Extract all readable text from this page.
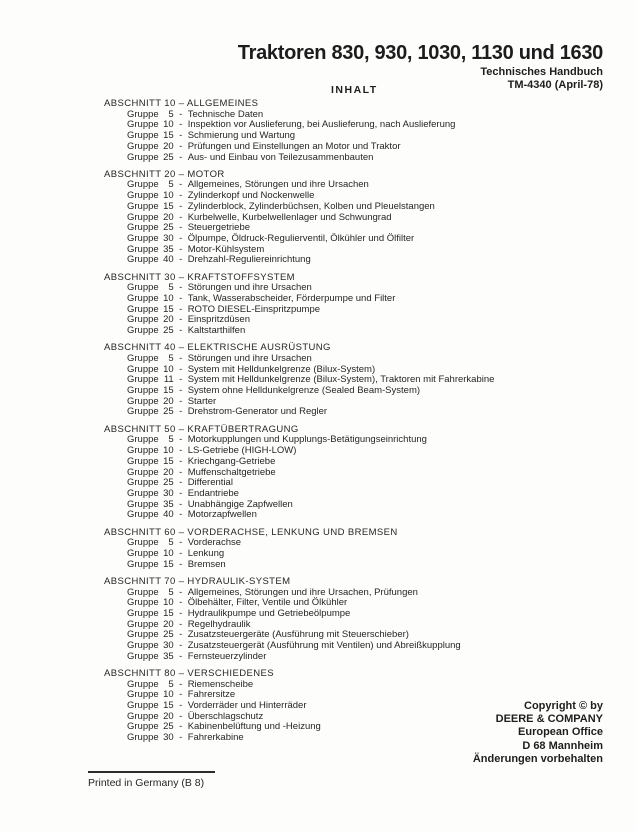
Traktoren 830, 930, 1030, 1130 und 1630
Technisches Handbuch
TM-4340 (April-78)
INHALT
ABSCHNITT 10 – ALLGEMEINES
Gruppe	5 - Technische Daten
Gruppe 10 - Inspektion vor Auslieferung, bei Auslieferung, nach Auslieferung
Gruppe 15 - Schmierung und Wartung
Gruppe 20 - Prüfungen und Einstellungen an Motor und Traktor
Gruppe 25 - Aus- und Einbau von Teilezusammenbauten
ABSCHNITT 20 – MOTOR
Gruppe	5 - Allgemeines, Störungen und ihre Ursachen
Gruppe 10 - Zylinderkopf und Nockenwelle
Gruppe 15 - Zylinderblock, Zylinderbüchsen, Kolben und Pleuelstangen
Gruppe 20 - Kurbelwelle, Kurbelwellenlager und Schwungrad
Gruppe 25 - Steuergetriebe
Gruppe 30 - Ölpumpe, Öldruck-Regulierventil, Ölkühler und Ölfilter
Gruppe 35 - Motor-Kühlsystem
Gruppe 40 - Drehzahl-Reguliereinrichtung
ABSCHNITT 30 – KRAFTSTOFFSYSTEM
Gruppe	5 - Störungen und ihre Ursachen
Gruppe 10 - Tank, Wasserabscheider, Förderpumpe und Filter
Gruppe 15 - ROTO DIESEL-Einspritzpumpe
Gruppe 20 - Einspritzdüsen
Gruppe 25 - Kaltstarthilfen
ABSCHNITT 40 – ELEKTRISCHE AUSRÜSTUNG
Gruppe	5 - Störungen und ihre Ursachen
Gruppe 10 - System mit Helldunkelgrenze (Bilux-System)
Gruppe 11 - System mit Helldunkelgrenze (Bilux-System), Traktoren mit Fahrerkabine
Gruppe 15 - System ohne Helldunkelgrenze (Sealed Beam-System)
Gruppe 20 - Starter
Gruppe 25 - Drehstrom-Generator und Regler
ABSCHNITT 50 – KRAFTÜBERTRAGUNG
Gruppe	5 - Motorkupplungen und Kupplungs-Betätigungseinrichtung
Gruppe 10 - LS-Getriebe (HIGH-LOW)
Gruppe 15 - Kriechgang-Getriebe
Gruppe 20 - Muffenschaltgetriebe
Gruppe 25 - Differential
Gruppe 30 - Endantriebe
Gruppe 35 - Unabhängige Zapfwellen
Gruppe 40 - Motorzapfwellen
ABSCHNITT 60 – VORDERACHSE, LENKUNG UND BREMSEN
Gruppe	5 - Vorderachse
Gruppe 10 - Lenkung
Gruppe 15 - Bremsen
ABSCHNITT 70 – HYDRAULIK-SYSTEM
Gruppe	5 - Allgemeines, Störungen und ihre Ursachen, Prüfungen
Gruppe 10 - Ölbehälter, Filter, Ventile und Ölkühler
Gruppe 15 - Hydraulikpumpe und Getriebeölpumpe
Gruppe 20 - Regelhydraulik
Gruppe 25 - Zusatzsteuergeräte (Ausführung mit Steuerschieber)
Gruppe 30 - Zusatzsteuergerät (Ausführung mit Ventilen) und Abreißkupplung
Gruppe 35 - Fernsteuerzylinder
ABSCHNITT 80 – VERSCHIEDENES
Gruppe	5 - Riemenscheibe
Gruppe 10 - Fahrersitze
Gruppe 15 - Vorderräder und Hinterräder
Gruppe 20 - Überschlagschutz
Gruppe 25 - Kabinenbelüftung und -Heizung
Gruppe 30 - Fahrerkabine
Copyright © by
DEERE & COMPANY
European Office
D 68 Mannheim
Änderungen vorbehalten
Printed in Germany (B 8)
